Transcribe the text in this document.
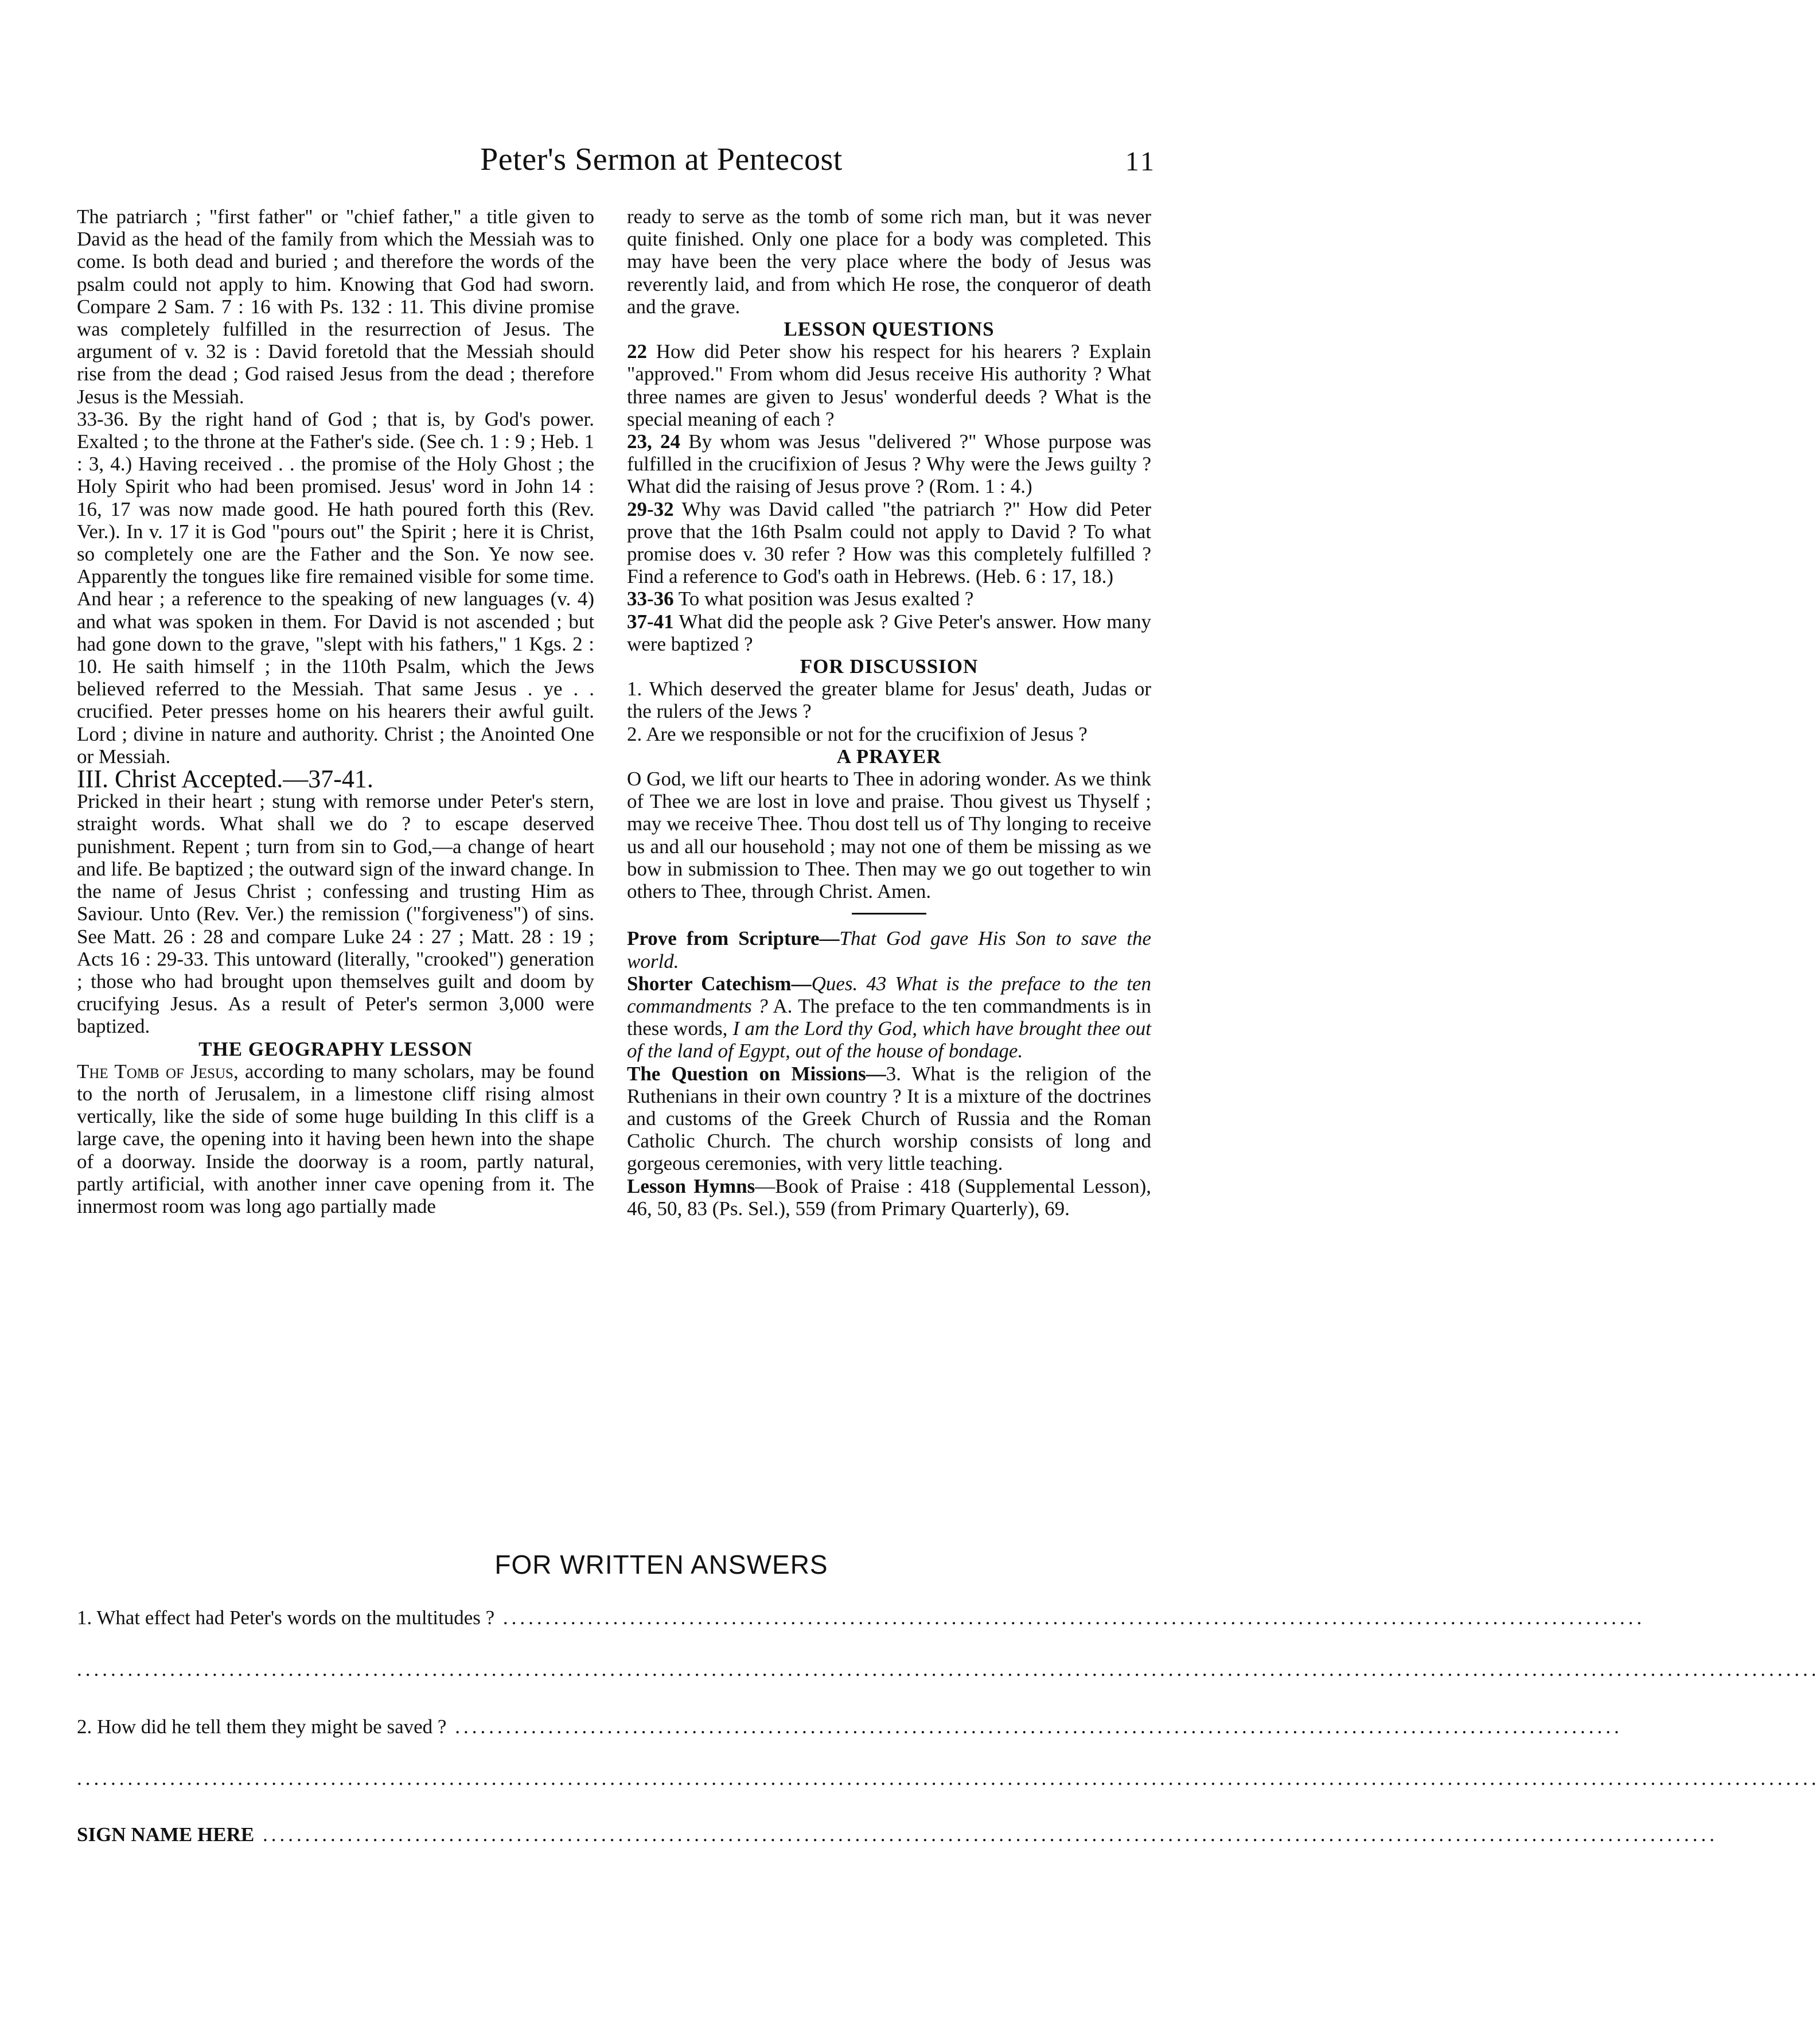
Peter's Sermon at Pentecost	11

The patriarch ; "first father" or "chief father," a title given to David as the head of the family from which the Messiah was to come. Is both dead and buried ; and therefore the words of the psalm could not apply to him. Knowing that God had sworn. Compare 2 Sam. 7 : 16 with Ps. 132 : 11. This divine promise was completely fulfilled in the resurrection of Jesus. The argument of v. 32 is : David foretold that the Messiah should rise from the dead ; God raised Jesus from the dead ; therefore Jesus is the Messiah.

33-36. By the right hand of God ; that is, by God's power. Exalted ; to the throne at the Father's side. (See ch. 1 : 9 ; Heb. 1 : 3, 4.) Having received . . the promise of the Holy Ghost ; the Holy Spirit who had been promised. Jesus' word in John 14 : 16, 17 was now made good. He hath poured forth this (Rev. Ver.). In v. 17 it is God "pours out" the Spirit ; here it is Christ, so completely one are the Father and the Son. Ye now see. Apparently the tongues like fire remained visible for some time. And hear ; a reference to the speaking of new languages (v. 4) and what was spoken in them. For David is not ascended ; but had gone down to the grave, "slept with his fathers," 1 Kgs. 2 : 10. He saith himself ; in the 110th Psalm, which the Jews believed referred to the Messiah. That same Jesus . ye . . crucified. Peter presses home on his hearers their awful guilt. Lord ; divine in nature and authority. Christ ; the Anointed One or Messiah.

III. Christ Accepted.—37-41.

Pricked in their heart ; stung with remorse under Peter's stern, straight words. What shall we do ? to escape deserved punishment. Repent ; turn from sin to God,—a change of heart and life. Be baptized ; the outward sign of the inward change. In the name of Jesus Christ ; confessing and trusting Him as Saviour. Unto (Rev. Ver.) the remission ("forgiveness") of sins. See Matt. 26 : 28 and compare Luke 24 : 27 ; Matt. 28 : 19 ; Acts 16 : 29-33. This untoward (literally, "crooked") generation ; those who had brought upon themselves guilt and doom by crucifying Jesus. As a result of Peter's sermon 3,000 were baptized.

THE GEOGRAPHY LESSON

The Tomb of Jesus, according to many scholars, may be found to the north of Jerusalem, in a limestone cliff rising almost vertically, like the side of some huge building In this cliff is a large cave, the opening into it having been hewn into the shape of a doorway. Inside the doorway is a room, partly natural, partly artificial, with another inner cave opening from it. The innermost room was long ago partially made

ready to serve as the tomb of some rich man, but it was never quite finished. Only one place for a body was completed. This may have been the very place where the body of Jesus was reverently laid, and from which He rose, the conqueror of death and the grave.

LESSON QUESTIONS

22 How did Peter show his respect for his hearers ? Explain "approved." From whom did Jesus receive His authority ? What three names are given to Jesus' wonderful deeds ? What is the special meaning of each ?

23, 24 By whom was Jesus "delivered ?" Whose purpose was fulfilled in the crucifixion of Jesus ? Why were the Jews guilty ? What did the raising of Jesus prove ? (Rom. 1 : 4.)

29-32 Why was David called "the patriarch ?" How did Peter prove that the 16th Psalm could not apply to David ? To what promise does v. 30 refer ? How was this completely fulfilled ? Find a reference to God's oath in Hebrews. (Heb. 6 : 17, 18.)

33-36 To what position was Jesus exalted ?

37-41 What did the people ask ? Give Peter's answer. How many were baptized ?

FOR DISCUSSION

1. Which deserved the greater blame for Jesus' death, Judas or the rulers of the Jews ?

2. Are we responsible or not for the crucifixion of Jesus ?

A PRAYER

O God, we lift our hearts to Thee in adoring wonder. As we think of Thee we are lost in love and praise. Thou givest us Thyself ; may we receive Thee. Thou dost tell us of Thy longing to receive us and all our household ; may not one of them be missing as we bow in submission to Thee. Then may we go out together to win others to Thee, through Christ. Amen.

Prove from Scripture—That God gave His Son to save the world.

Shorter Catechism—Ques. 43 What is the preface to the ten commandments ? A. The preface to the ten commandments is in these words, I am the Lord thy God, which have brought thee out of the land of Egypt, out of the house of bondage.

The Question on Missions—3. What is the religion of the Ruthenians in their own country ? It is a mixture of the doctrines and customs of the Greek Church of Russia and the Roman Catholic Church. The church worship consists of long and gorgeous ceremonies, with very little teaching.

Lesson Hymns—Book of Praise : 418 (Supplemental Lesson), 46, 50, 83 (Ps. Sel.), 559 (from Primary Quarterly), 69.

FOR WRITTEN ANSWERS
1. What effect had Peter's words on the multitudes ? .......................................................................................................................................
..............................................................................................................................................................................................................
2. How did he tell them they might be saved ? ..........................................................................................................................................
..............................................................................................................................................................................................................
SIGN NAME HERE ............................................................................................................................................................................
